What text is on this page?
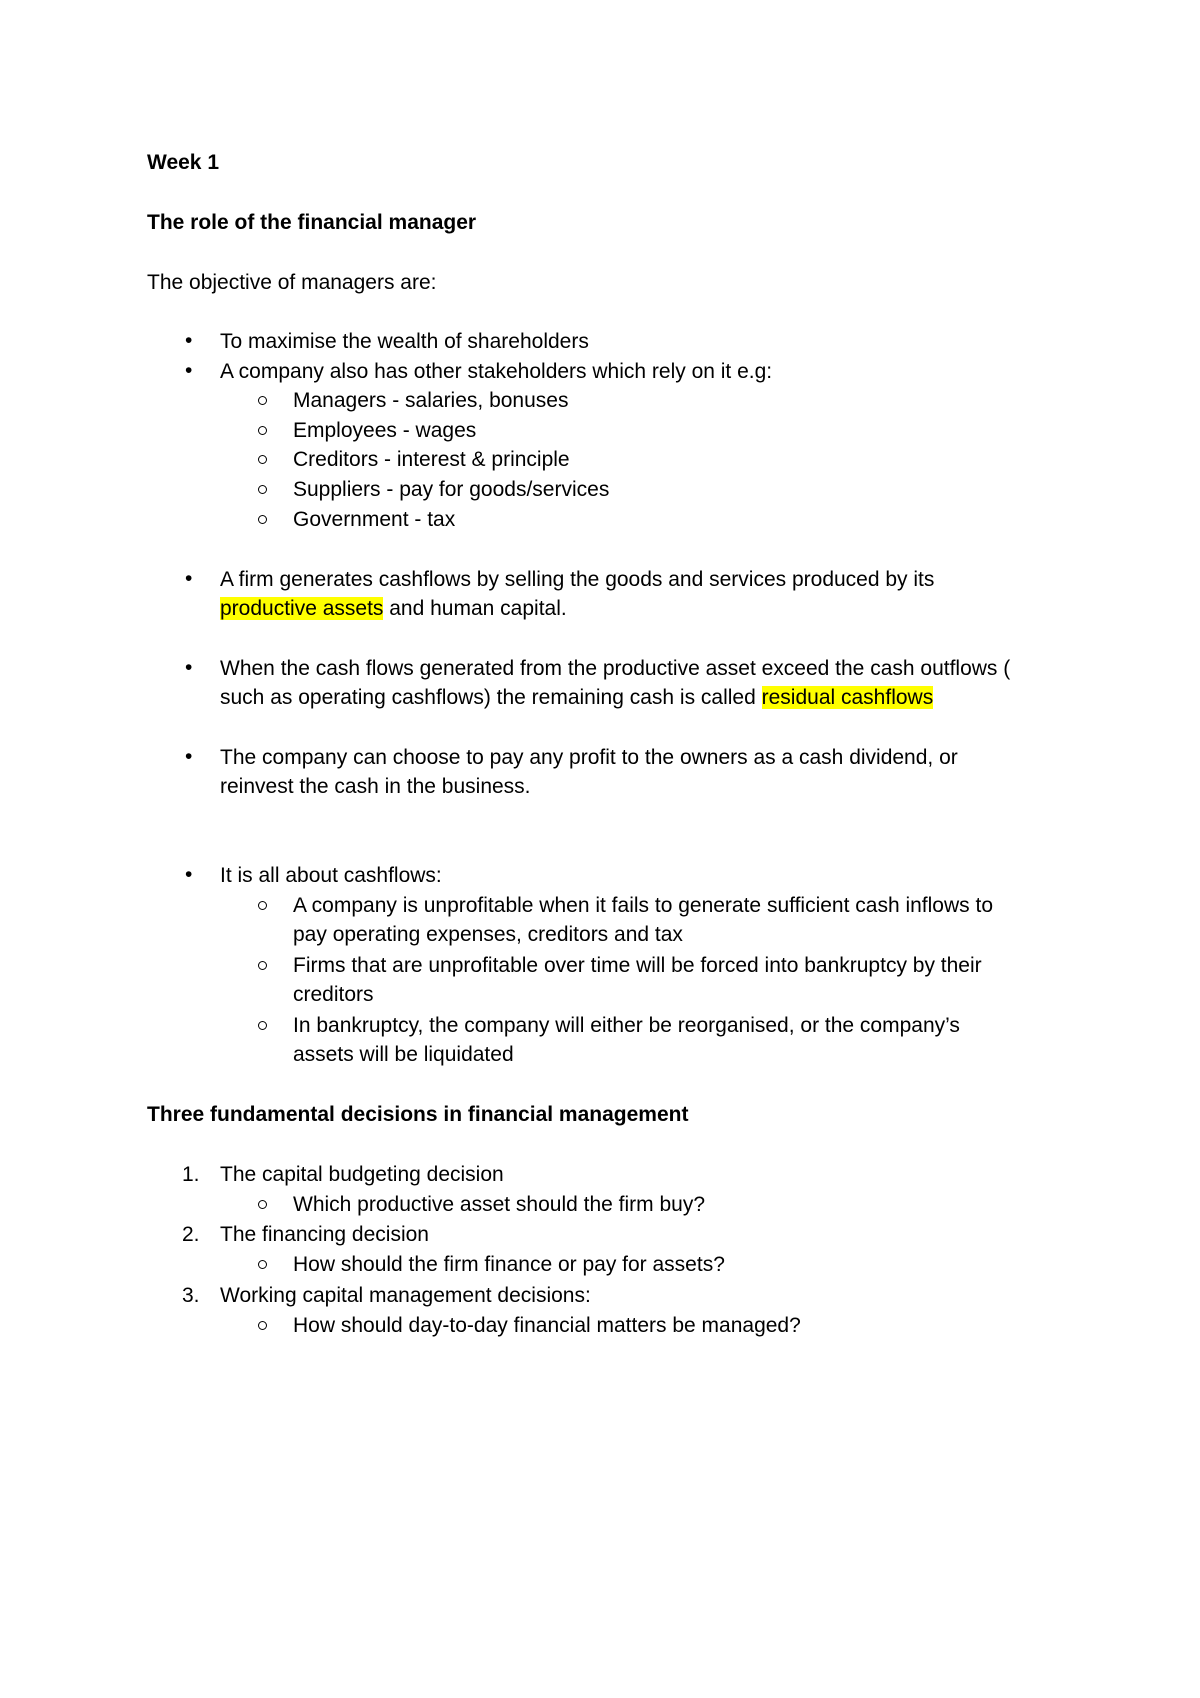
Week 1
The role of the financial manager
The objective of managers are:
• To maximise the wealth of shareholders
• A company also has other stakeholders which rely on it e.g:
Managers - salaries, bonuses
Employees - wages
Creditors - interest & principle
Suppliers - pay for goods/services
Government - tax
• A firm generates cashflows by selling the goods and services produced by its
productive assets and human capital.
• When the cash flows generated from the productive asset exceed the cash outflows (
such as operating cashflows) the remaining cash is called residual cashflows
• The company can choose to pay any profit to the owners as a cash dividend, or
reinvest the cash in the business.
• It is all about cashflows:
A company is unprofitable when it fails to generate sufficient cash inflows to
pay operating expenses, creditors and tax
Firms that are unprofitable over time will be forced into bankruptcy by their
creditors
In bankruptcy, the company will either be reorganised, or the company’s
assets will be liquidated
Three fundamental decisions in financial management
1. The capital budgeting decision
Which productive asset should the firm buy?
2. The financing decision
How should the firm finance or pay for assets?
3. Working capital management decisions:
How should day-to-day financial matters be managed?
